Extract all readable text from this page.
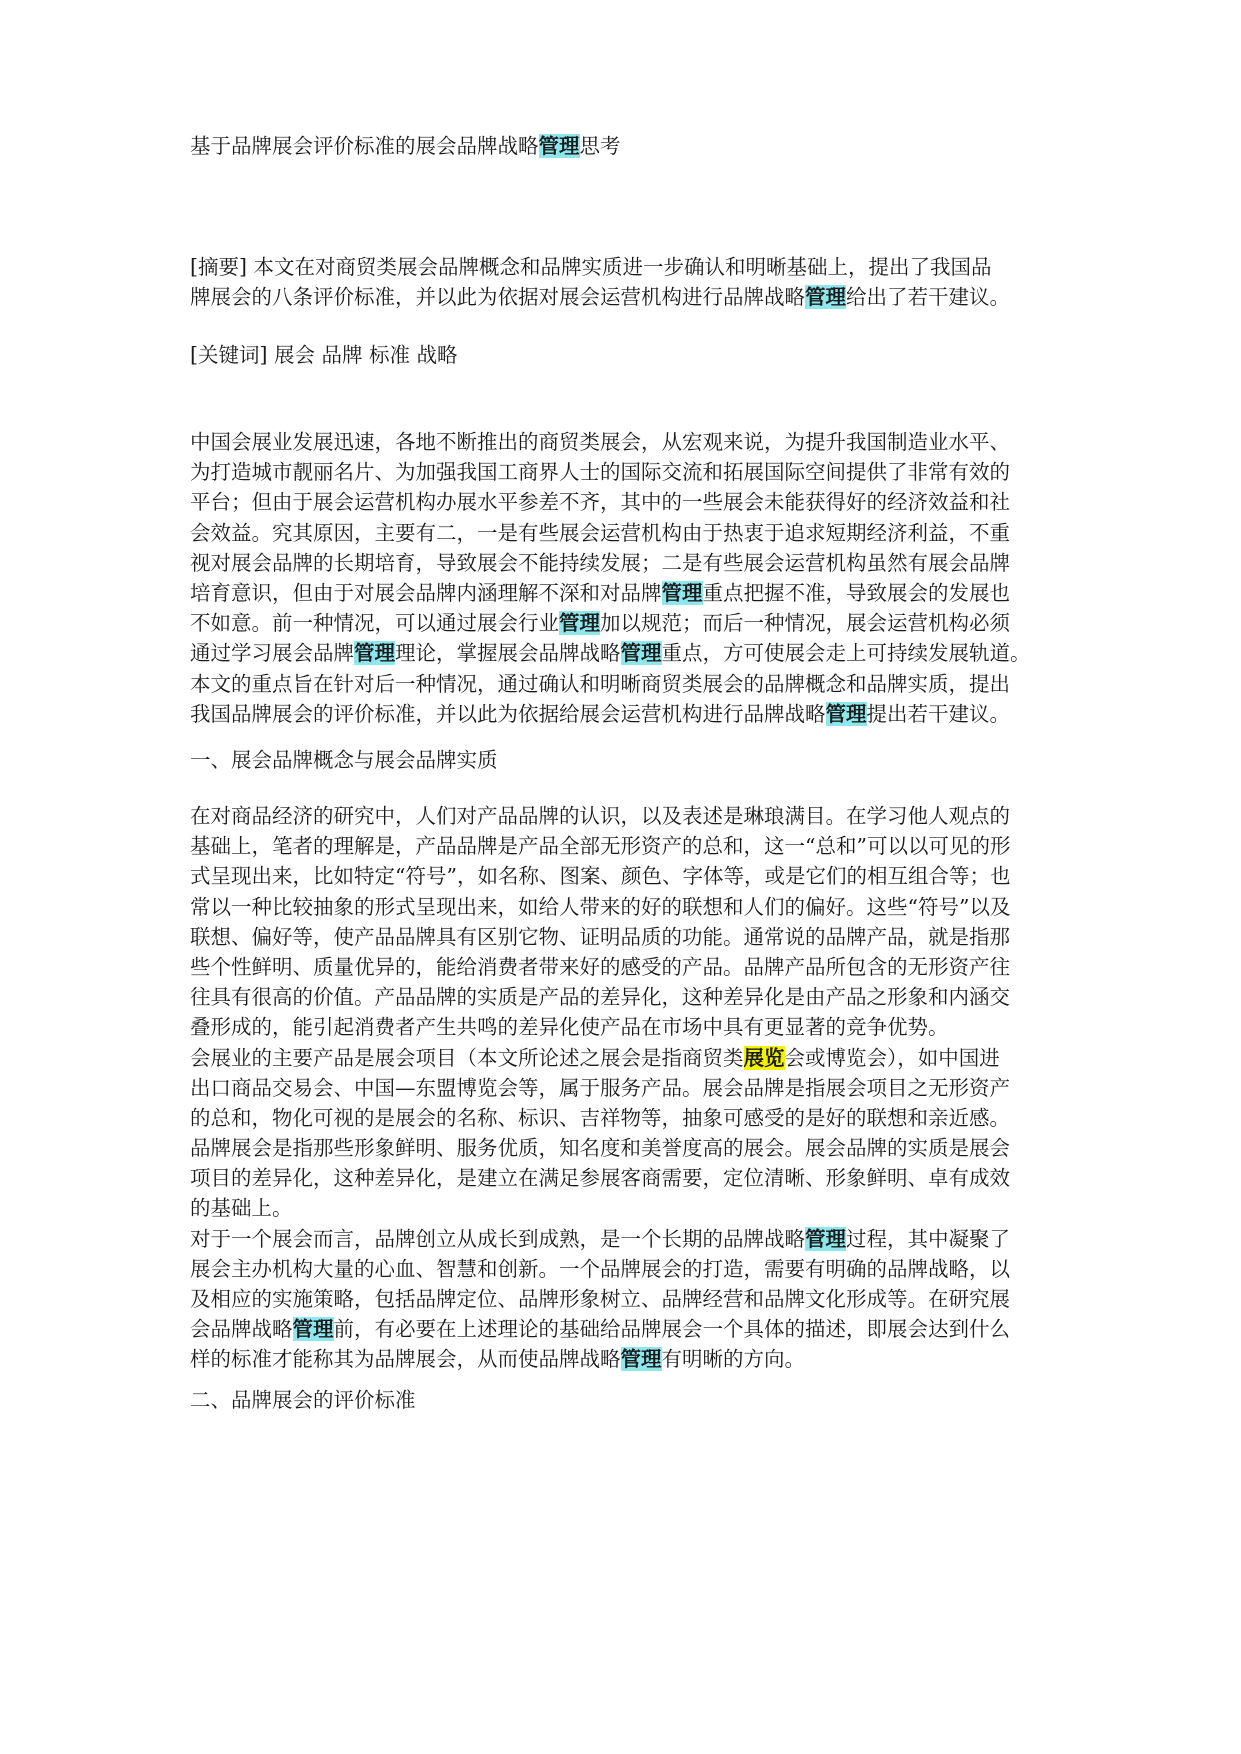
基于品牌展会评价标准的展会品牌战略管理思考
[摘要] 本文在对商贸类展会品牌概念和品牌实质进一步确认和明晰基础上，提出了我国品
牌展会的八条评价标准，并以此为依据对展会运营机构进行品牌战略管理给出了若干建议。
[关键词] 展会 品牌 标准 战略
中国会展业发展迅速，各地不断推出的商贸类展会，从宏观来说，为提升我国制造业水平、
为打造城市靓丽名片、为加强我国工商界人士的国际交流和拓展国际空间提供了非常有效的
平台；但由于展会运营机构办展水平参差不齐，其中的一些展会未能获得好的经济效益和社
会效益。究其原因，主要有二，一是有些展会运营机构由于热衷于追求短期经济利益，不重
视对展会品牌的长期培育，导致展会不能持续发展；二是有些展会运营机构虽然有展会品牌
培育意识，但由于对展会品牌内涵理解不深和对品牌管理重点把握不准，导致展会的发展也
不如意。前一种情况，可以通过展会行业管理加以规范；而后一种情况，展会运营机构必须
通过学习展会品牌管理理论，掌握展会品牌战略管理重点，方可使展会走上可持续发展轨道。
本文的重点旨在针对后一种情况，通过确认和明晰商贸类展会的品牌概念和品牌实质，提出
我国品牌展会的评价标准，并以此为依据给展会运营机构进行品牌战略管理提出若干建议。
一、展会品牌概念与展会品牌实质
在对商品经济的研究中，人们对产品品牌的认识，以及表述是琳琅满目。在学习他人观点的
基础上，笔者的理解是，产品品牌是产品全部无形资产的总和，这一“总和”可以以可见的形
式呈现出来，比如特定“符号”，如名称、图案、颜色、字体等，或是它们的相互组合等；也
常以一种比较抽象的形式呈现出来，如给人带来的好的联想和人们的偏好。这些“符号”以及
联想、偏好等，使产品品牌具有区别它物、证明品质的功能。通常说的品牌产品，就是指那
些个性鲜明、质量优异的，能给消费者带来好的感受的产品。品牌产品所包含的无形资产往
往具有很高的价值。产品品牌的实质是产品的差异化，这种差异化是由产品之形象和内涵交
叠形成的，能引起消费者产生共鸣的差异化使产品在市场中具有更显著的竞争优势。
会展业的主要产品是展会项目（本文所论述之展会是指商贸类展览会或博览会），如中国进
出口商品交易会、中国—东盟博览会等，属于服务产品。展会品牌是指展会项目之无形资产
的总和，物化可视的是展会的名称、标识、吉祥物等，抽象可感受的是好的联想和亲近感。
品牌展会是指那些形象鲜明、服务优质，知名度和美誉度高的展会。展会品牌的实质是展会
项目的差异化，这种差异化，是建立在满足参展客商需要，定位清晰、形象鲜明、卓有成效
的基础上。
对于一个展会而言，品牌创立从成长到成熟，是一个长期的品牌战略管理过程，其中凝聚了
展会主办机构大量的心血、智慧和创新。一个品牌展会的打造，需要有明确的品牌战略，以
及相应的实施策略，包括品牌定位、品牌形象树立、品牌经营和品牌文化形成等。在研究展
会品牌战略管理前，有必要在上述理论的基础给品牌展会一个具体的描述，即展会达到什么
样的标准才能称其为品牌展会，从而使品牌战略管理有明晰的方向。
二、品牌展会的评价标准
